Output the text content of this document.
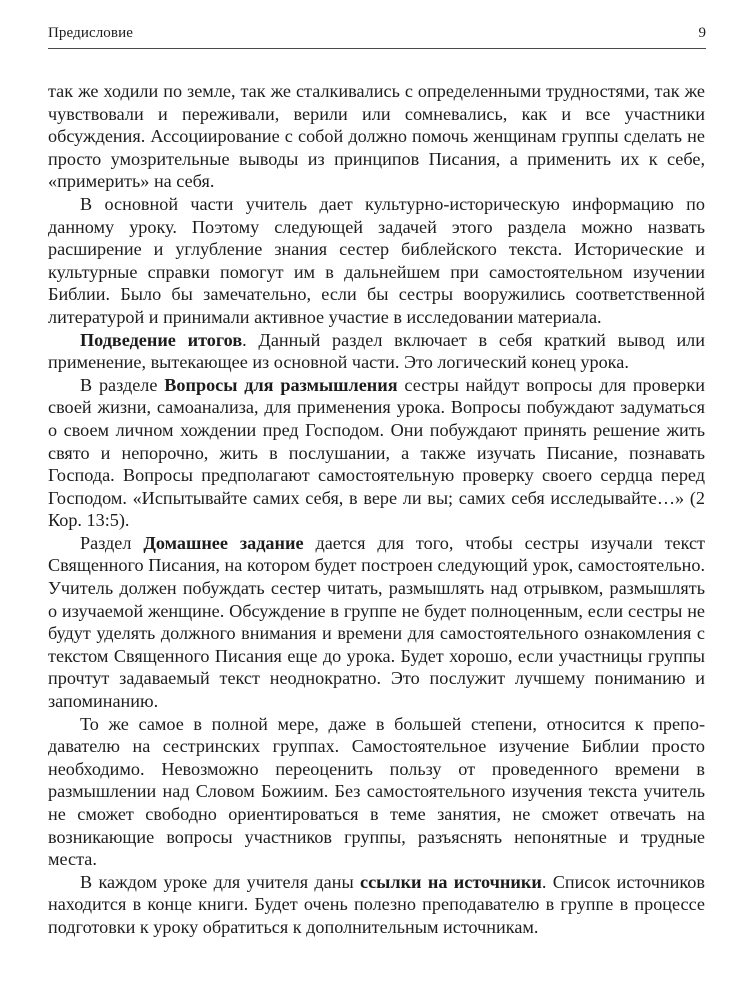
Предисловие	9

так же ходили по земле, так же сталкивались с определенными трудностями, так же чувствовали и переживали, верили или сомневались, как и все участники обсуждения. Ассоциирование с собой должно помочь женщинам группы сделать не просто умозрительные выводы из принципов Писания, а применить их к себе, «примерить» на себя.

В основной части учитель дает культурно-историческую информацию по данному уроку. Поэтому следующей задачей этого раздела можно назвать расширение и углубление знания сестер библейского текста. Исторические и культурные справки помогут им в дальнейшем при самостоятельном изучении Библии. Было бы замечательно, если бы сестры вооружились соответственной литературой и принимали активное участие в исследовании материала.

Подведение итогов. Данный раздел включает в себя краткий вывод или применение, вытекающее из основной части. Это логический конец урока.

В разделе Вопросы для размышления сестры найдут вопросы для проверки своей жизни, самоанализа, для применения урока. Вопросы побуждают задуматься о своем личном хождении пред Господом. Они побуждают принять решение жить свято и непорочно, жить в послушании, а также изучать Писание, познавать Господа. Вопросы предполагают самостоятельную проверку своего сердца перед Господом. «Испытывайте самих себя, в вере ли вы; самих себя исследывайте…» (2 Кор. 13:5).

Раздел Домашнее задание дается для того, чтобы сестры изучали текст Священного Писания, на котором будет построен следующий урок, самостоятельно. Учитель должен побуждать сестер читать, размышлять над отрывком, размышлять о изучаемой женщине. Обсуждение в группе не будет полноценным, если сестры не будут уделять должного внимания и времени для самостоятельного ознакомления с текстом Священного Писания еще до урока. Будет хорошо, если участницы группы прочтут задаваемый текст неоднократно. Это послужит лучшему пониманию и запоминанию.

То же самое в полной мере, даже в большей степени, относится к преподавателю на сестринских группах. Самостоятельное изучение Библии просто необходимо. Невозможно переоценить пользу от проведенного времени в размышлении над Словом Божиим. Без самостоятельного изучения текста учитель не сможет свободно ориентироваться в теме занятия, не сможет отвечать на возникающие вопросы участников группы, разъяснять непонятные и трудные места.

В каждом уроке для учителя даны ссылки на источники. Список источников находится в конце книги. Будет очень полезно преподавателю в группе в процессе подготовки к уроку обратиться к дополнительным источникам.
